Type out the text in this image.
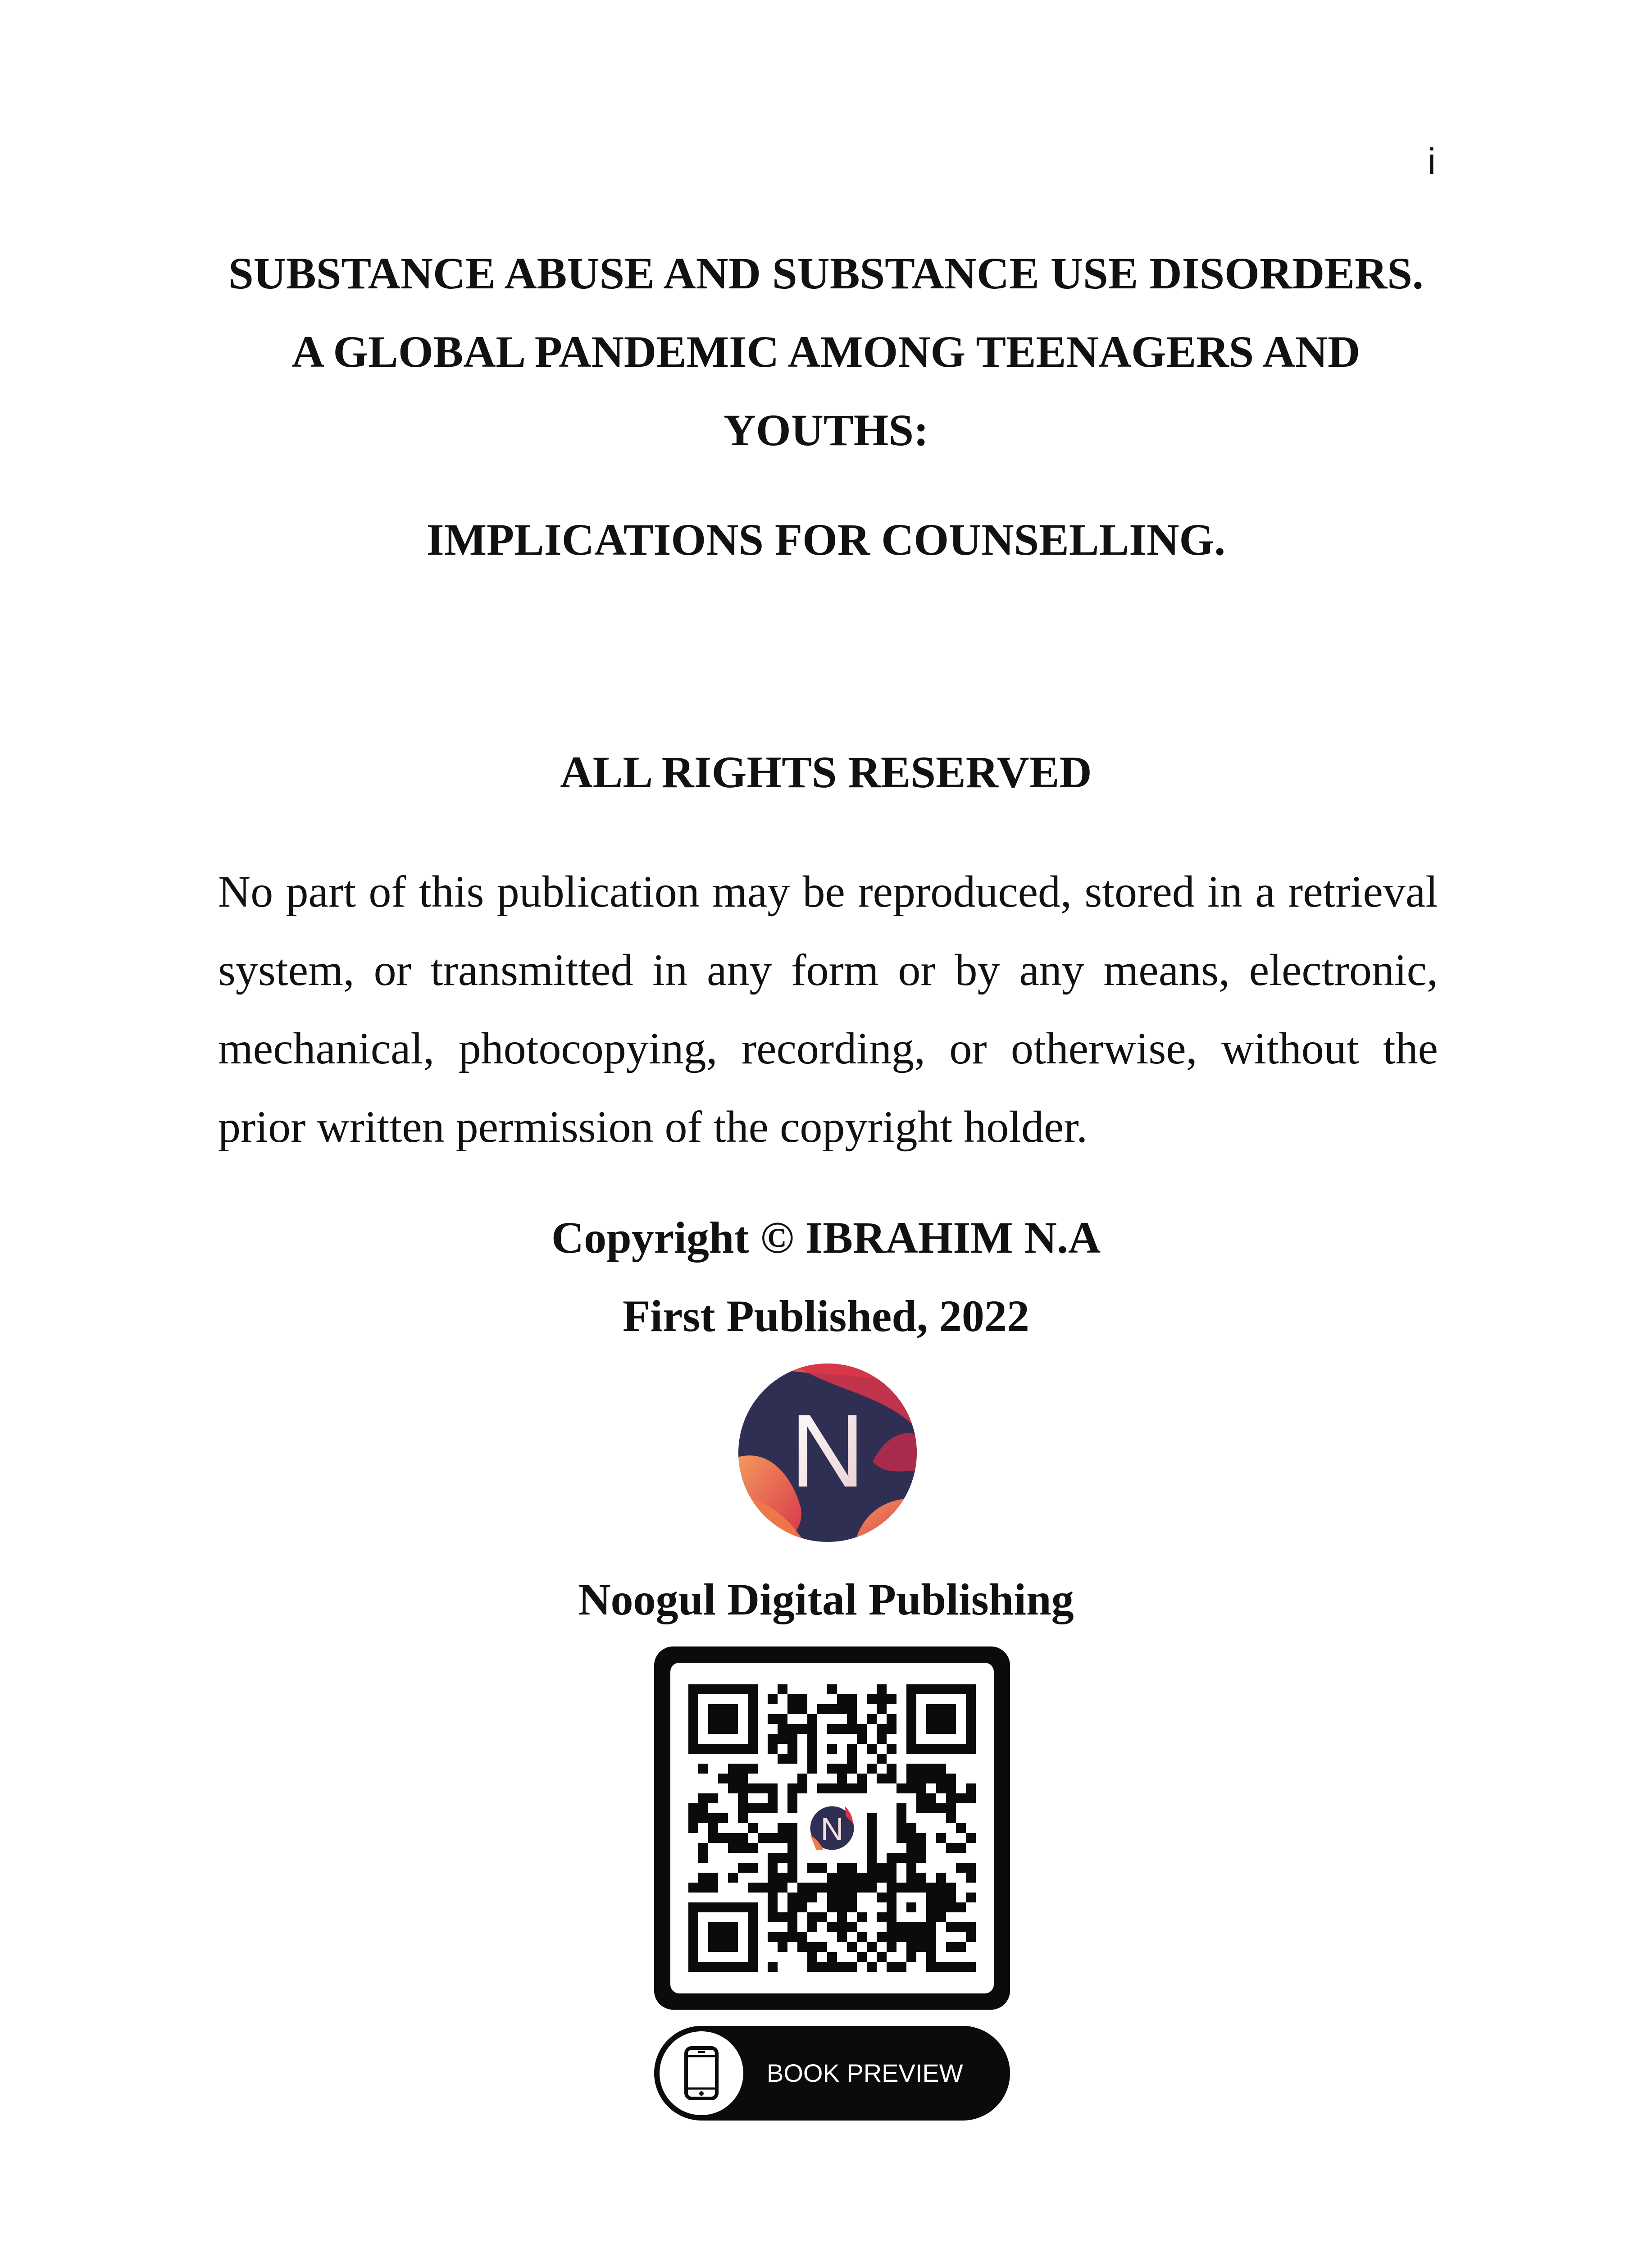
i
SUBSTANCE ABUSE AND SUBSTANCE USE DISORDERS.
A GLOBAL PANDEMIC AMONG TEENAGERS AND
YOUTHS:
IMPLICATIONS FOR COUNSELLING.
ALL RIGHTS RESERVED
No part of this publication may be reproduced, stored in a retrieval
system, or transmitted in any form or by any means, electronic,
mechanical, photocopying, recording, or otherwise, without the
prior written permission of the copyright holder.
Copyright © IBRAHIM N.A
First Published, 2022
N
Noogul Digital Publishing
N
BOOK PREVIEW
